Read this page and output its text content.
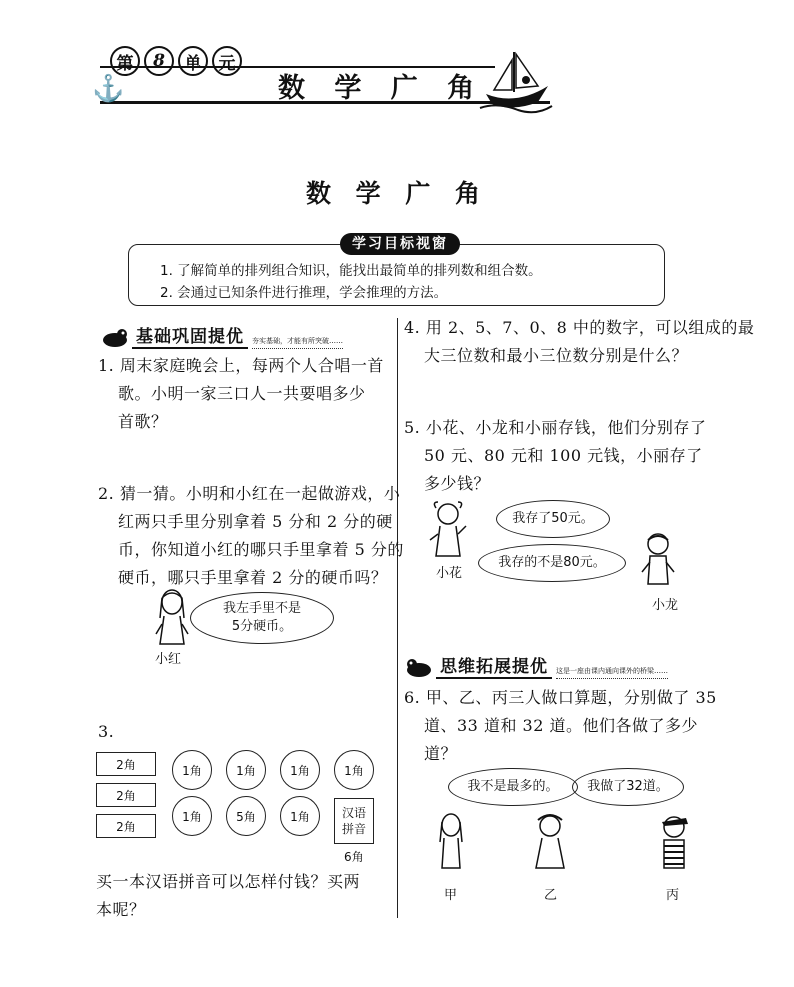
第	8	单	元
⚓	数 学 广 角
数 学 广 角
学习目标视窗
1. 了解简单的排列组合知识，能找出最简单的排列数和组合数。
2. 会通过已知条件进行推理，学会推理的方法。
基础巩固提优	夯实基础，才能有所突破……
1. 周末家庭晚会上，每两个人合唱一首
歌。小明一家三口人一共要唱多少
首歌？
2. 猜一猜。小明和小红在一起做游戏，小
红两只手里分别拿着 5 分和 2 分的硬
币，你知道小红的哪只手里拿着 5 分的
硬币，哪只手里拿着 2 分的硬币吗？
我左手里不是
5分硬币。
小红
3.
2角
2角
2角
1角	1角	1角	1角
1角	5角	1角	汉语
拼音
6角
买一本汉语拼音可以怎样付钱？买两
本呢？
4. 用 2、5、7、0、8 中的数字，可以组成的最
大三位数和最小三位数分别是什么？
5. 小花、小龙和小丽存钱，他们分别存了
50 元、80 元和 100 元钱，小丽存了
多少钱？
我存了50元。
我存的不是80元。
小花
小龙
思维拓展提优	这是一座由课内通向课外的桥梁……
6. 甲、乙、丙三人做口算题，分别做了 35
道、33 道和 32 道。他们各做了多少
道？
我不是最多的。	我做了32道。
甲	乙	丙
